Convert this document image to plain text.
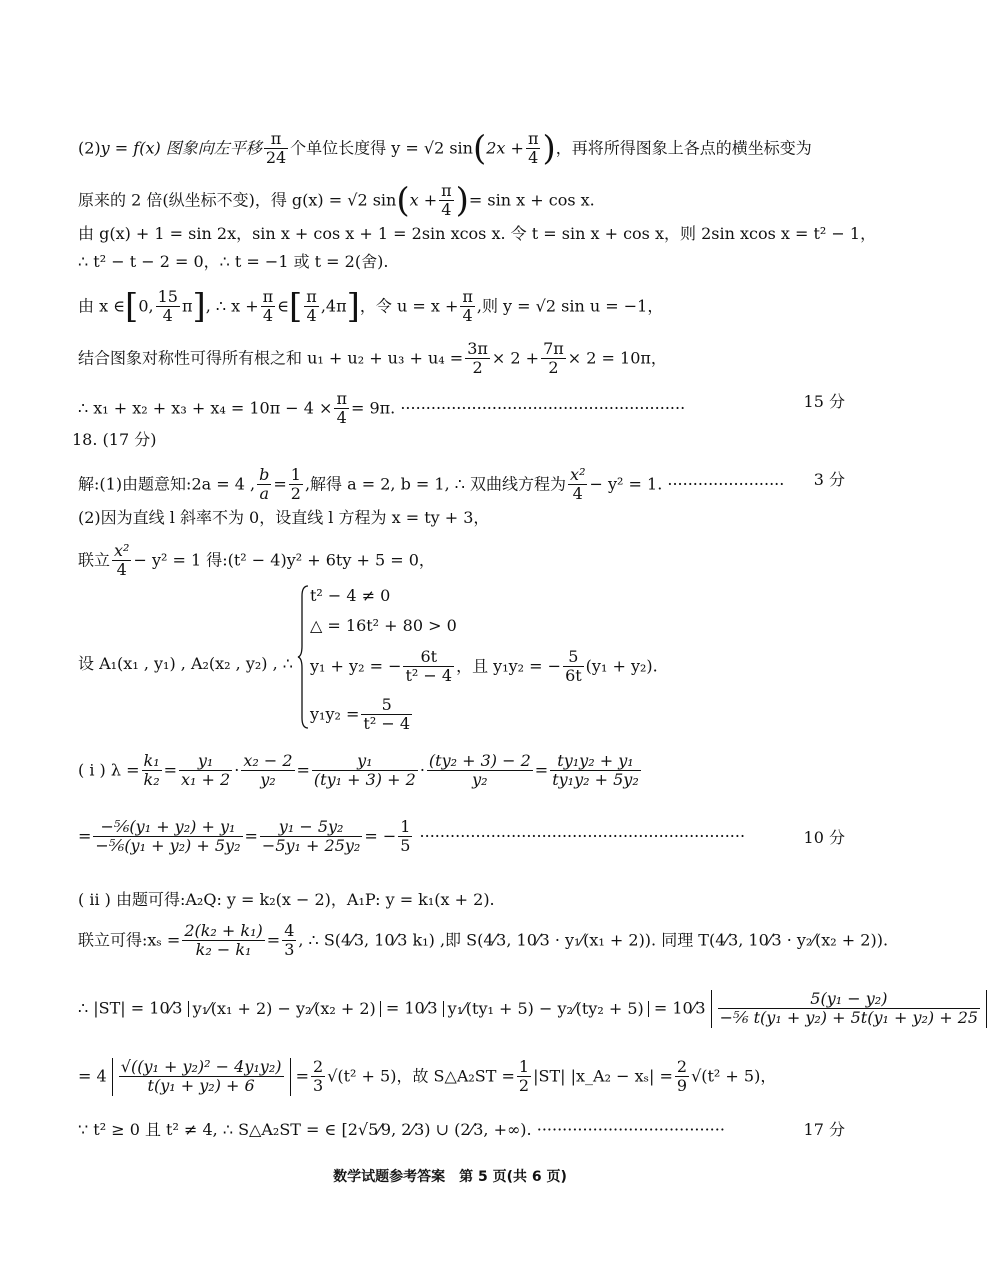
(2)y = f(x) 图象向左平移 $\frac{\pi}{24}$ 个单位长度得 y = √2 $\sin(2x + \frac{\pi}{4}$ )，再将所得图象上各点的横坐标变为
原来的 2 倍(纵坐标不变)，得 g(x) = √2 $\sin(x + \frac{\pi}{4}$ )= sin x + cos x.
由 g(x) + 1 = sin 2x，sin x + cos x + 1 = 2sin xcos x. 令 t = sin x + cos x，则 2sin xcos x = t² − 1，
∴ t² − t − 2 = 0，∴ t = −1 或 t = 2(舍).
由 x ∈[0, $\frac{15}{4} \pi$], ∴ $x + \frac{\pi}{4}$ ∈[ $\frac{\pi}{4} ,4\pi$]，令 $u = x + \frac{\pi}{4}$ ,则 y = √2 sin u = −1，
结合图象对称性可得所有根之和 $u_1 + u_2 + u_3 + u_4 = \frac{3\pi}{2} \times 2 + \frac{7\pi}{2} \times 2 = 10\pi$，
∴ $x_1 + x_2 + x_3 + x_4 = 10\pi - 4 \times \frac{\pi}{4} = 9\pi$. ························································	15 分
18. (17 分)
解:(1)由题意知:2a = 4 , $\frac{b}{a} = \frac{1}{2}$ ,解得 a = 2, b = 1, ∴ 双曲线方程为 $\frac{\text{x²}}{4} - y^2 = 1$. ······················· 3 分
(2)因为直线 l 斜率不为 0，设直线 l 方程为 x = ty + 3，
联立 $\frac{\text{x²}}{4} - y^2 = 1$ 得:(t² − 4)y² + 6ty + 5 = 0，
设 A₁(x₁ , y₁) , A₂(x₂ , y₂) , ∴
t² − 4 ≠ 0
△ = 16t² + 80 > 0
y₁ + y₂ = − $\frac{6t}{\text{t² − 4}}$ ，且 y₁y₂ = − $\frac{5}{6t} (y_1 + y_2)$.
$y_1y_2 = \frac{5}{\text{t² − 4}}$
( ⅰ ) $\lambda = \frac{\text{k₁}}{\text{k₂}} = \frac{\text{y₁}}{\text{x₁ + 2}} \cdot \frac{\text{x₂ − 2}}{\text{y₂}} = \frac{\text{y₁}}{\text{(ty₁ + 3) + 2}} \cdot \frac{\text{(ty₂ + 3) − 2}}{\text{y₂}} = \frac{\text{ty₁y₂ + y₁}}{\text{ty₁y₂ + 5y₂}}$
= $\frac{\text{−⁵⁄₆(y₁ + y₂) + y₁}}{\text{−⁵⁄₆(y₁ + y₂) + 5y₂}} = \frac{\text{y₁ − 5y₂}}{\text{−5y₁ + 25y₂}}$ = − $\frac{1}{5}$ ································································	10 分
( ⅱ ) 由题可得:A₂Q: y = k₂(x − 2)，A₁P: y = k₁(x + 2).
联立可得:xₛ = $\frac{\text{2(k₂ + k₁)}}{\text{k₂ − k₁}} = \frac{4}{3}$ , ∴ S(4⁄3, 10⁄3 k₁) ,即 S(4⁄3, 10⁄3 · y₁⁄(x₁ + 2)). 同理 T(4⁄3, 10⁄3 · y₂⁄(x₂ + 2)).
∴ |ST| = 10⁄3 y₁⁄(x₁ + 2) − y₂⁄(x₂ + 2) = 10⁄3 y₁⁄(ty₁ + 5) − y₂⁄(ty₂ + 5) = 10⁄3 $\frac{\text{5(y₁ − y₂)}}{\text{−⁵⁄₆ t(y₁ + y₂) + 5t(y₁ + y₂) + 25}}$
= $4 \frac{\text{√((y₁ + y₂)² − 4y₁y₂)}}{\text{t(y₁ + y₂) + 6}} = \frac{2}{3} √(t^2 + 5)$，故 S△A₂ST = $\frac{1}{2} |ST|$ |x_A₂ − $x_s| = \frac{2}{9} √(t^2 + 5)$，
∵ t² ≥ 0 且 t² ≠ 4, ∴ S△A₂ST = ∈ [2√5⁄9, 2⁄3) ∪ (2⁄3, +∞). ·····································	17 分
数学试题参考答案　第 5 页(共 6 页)
